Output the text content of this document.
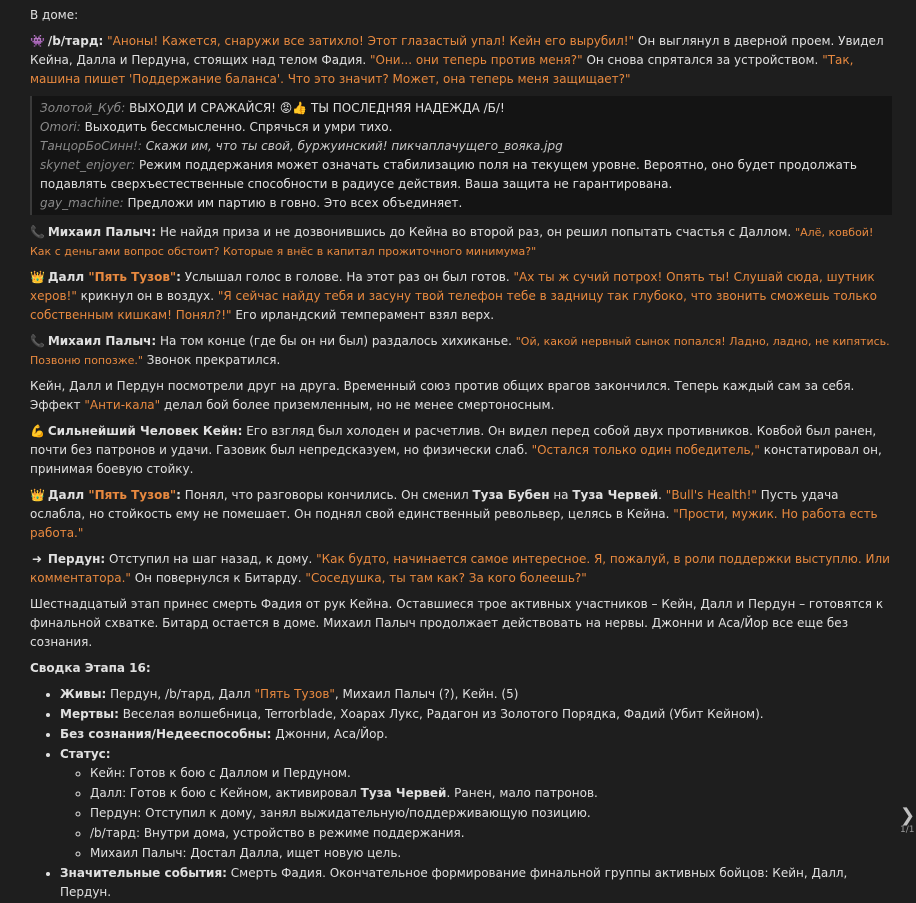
В доме:

👾 /b/тард: "Аноны! Кажется, снаружи все затихло! Этот глазастый упал! Кейн его вырубил!" Он выглянул в дверной проем. Увидел Кейна, Далла и Пердуна, стоящих над телом Фадия. "Они... они теперь против меня?" Он снова спрятался за устройством. "Так, машина пишет 'Поддержание баланса'. Что это значит? Может, она теперь меня защищает?"

Золотой_Куб: ВЫХОДИ И СРАЖАЙСЯ! 😡👍 ТЫ ПОСЛЕДНЯЯ НАДЕЖДА /Б/!
Omori: Выходить бессмысленно. Спрячься и умри тихо.
ТанцорБоСинн!: Скажи им, что ты свой, буржуинский! пикчаплачущего_вояка.jpg
skynet_enjoyer: Режим поддержания может означать стабилизацию поля на текущем уровне. Вероятно, оно будет продолжать подавлять сверхъестественные способности в радиусе действия. Ваша защита не гарантирована.
gay_machine: Предложи им партию в говно. Это всех объединяет.

📞 Михаил Палыч: Не найдя приза и не дозвонившись до Кейна во второй раз, он решил попытать счастья с Даллом. "Алё, ковбой! Как с деньгами вопрос обстоит? Которые я внёс в капитал прожиточного минимума?"

👑 Далл "Пять Тузов": Услышал голос в голове. На этот раз он был готов. "Ах ты ж сучий потрох! Опять ты! Слушай сюда, шутник херов!" крикнул он в воздух. "Я сейчас найду тебя и засуну твой телефон тебе в задницу так глубоко, что звонить сможешь только собственным кишкам! Понял?!" Его ирландский темперамент взял верх.

📞 Михаил Палыч: На том конце (где бы он ни был) раздалось хихиканье. "Ой, какой нервный сынок попался! Ладно, ладно, не кипятись. Позвоню попозже." Звонок прекратился.

Кейн, Далл и Пердун посмотрели друг на друга. Временный союз против общих врагов закончился. Теперь каждый сам за себя. Эффект "Анти-кала" делал бой более приземленным, но не менее смертоносным.

💪 Сильнейший Человек Кейн: Его взгляд был холоден и расчетлив. Он видел перед собой двух противников. Ковбой был ранен, почти без патронов и удачи. Газовик был непредсказуем, но физически слаб. "Остался только один победитель," констатировал он, принимая боевую стойку.

👑 Далл "Пять Тузов": Понял, что разговоры кончились. Он сменил Туза Бубен на Туза Червей. "Bull's Health!" Пусть удача ослабла, но стойкость ему не помешает. Он поднял свой единственный револьвер, целясь в Кейна. "Прости, мужик. Но работа есть работа."

➜ Пердун: Отступил на шаг назад, к дому. "Как будто, начинается самое интересное. Я, пожалуй, в роли поддержки выступлю. Или комментатора." Он повернулся к Битарду. "Соседушка, ты там как? За кого болеешь?"

Шестнадцатый этап принес смерть Фадия от рук Кейна. Оставшиеся трое активных участников – Кейн, Далл и Пердун – готовятся к финальной схватке. Битард остается в доме. Михаил Палыч продолжает действовать на нервы. Джонни и Аса/Йор все еще без сознания.

Сводка Этапа 16:

• Живы: Пердун, /b/тард, Далл "Пять Тузов", Михаил Палыч (?), Кейн. (5)
• Мертвы: Веселая волшебница, Terrorblade, Хоарах Лукс, Радагон из Золотого Порядка, Фадий (Убит Кейном).
• Без сознания/Недееспособны: Джонни, Аса/Йор.
• Статус:
◦ Кейн: Готов к бою с Даллом и Пердуном.
◦ Далл: Готов к бою с Кейном, активировал Туза Червей. Ранен, мало патронов.
◦ Пердун: Отступил к дому, занял выжидательную/поддерживающую позицию.
◦ /b/тард: Внутри дома, устройство в режиме поддержания.
◦ Михаил Палыч: Достал Далла, ищет новую цель.
• Значительные события: Смерть Фадия. Окончательное формирование финальной группы активных бойцов: Кейн, Далл, Пердун.
❯
1/1
